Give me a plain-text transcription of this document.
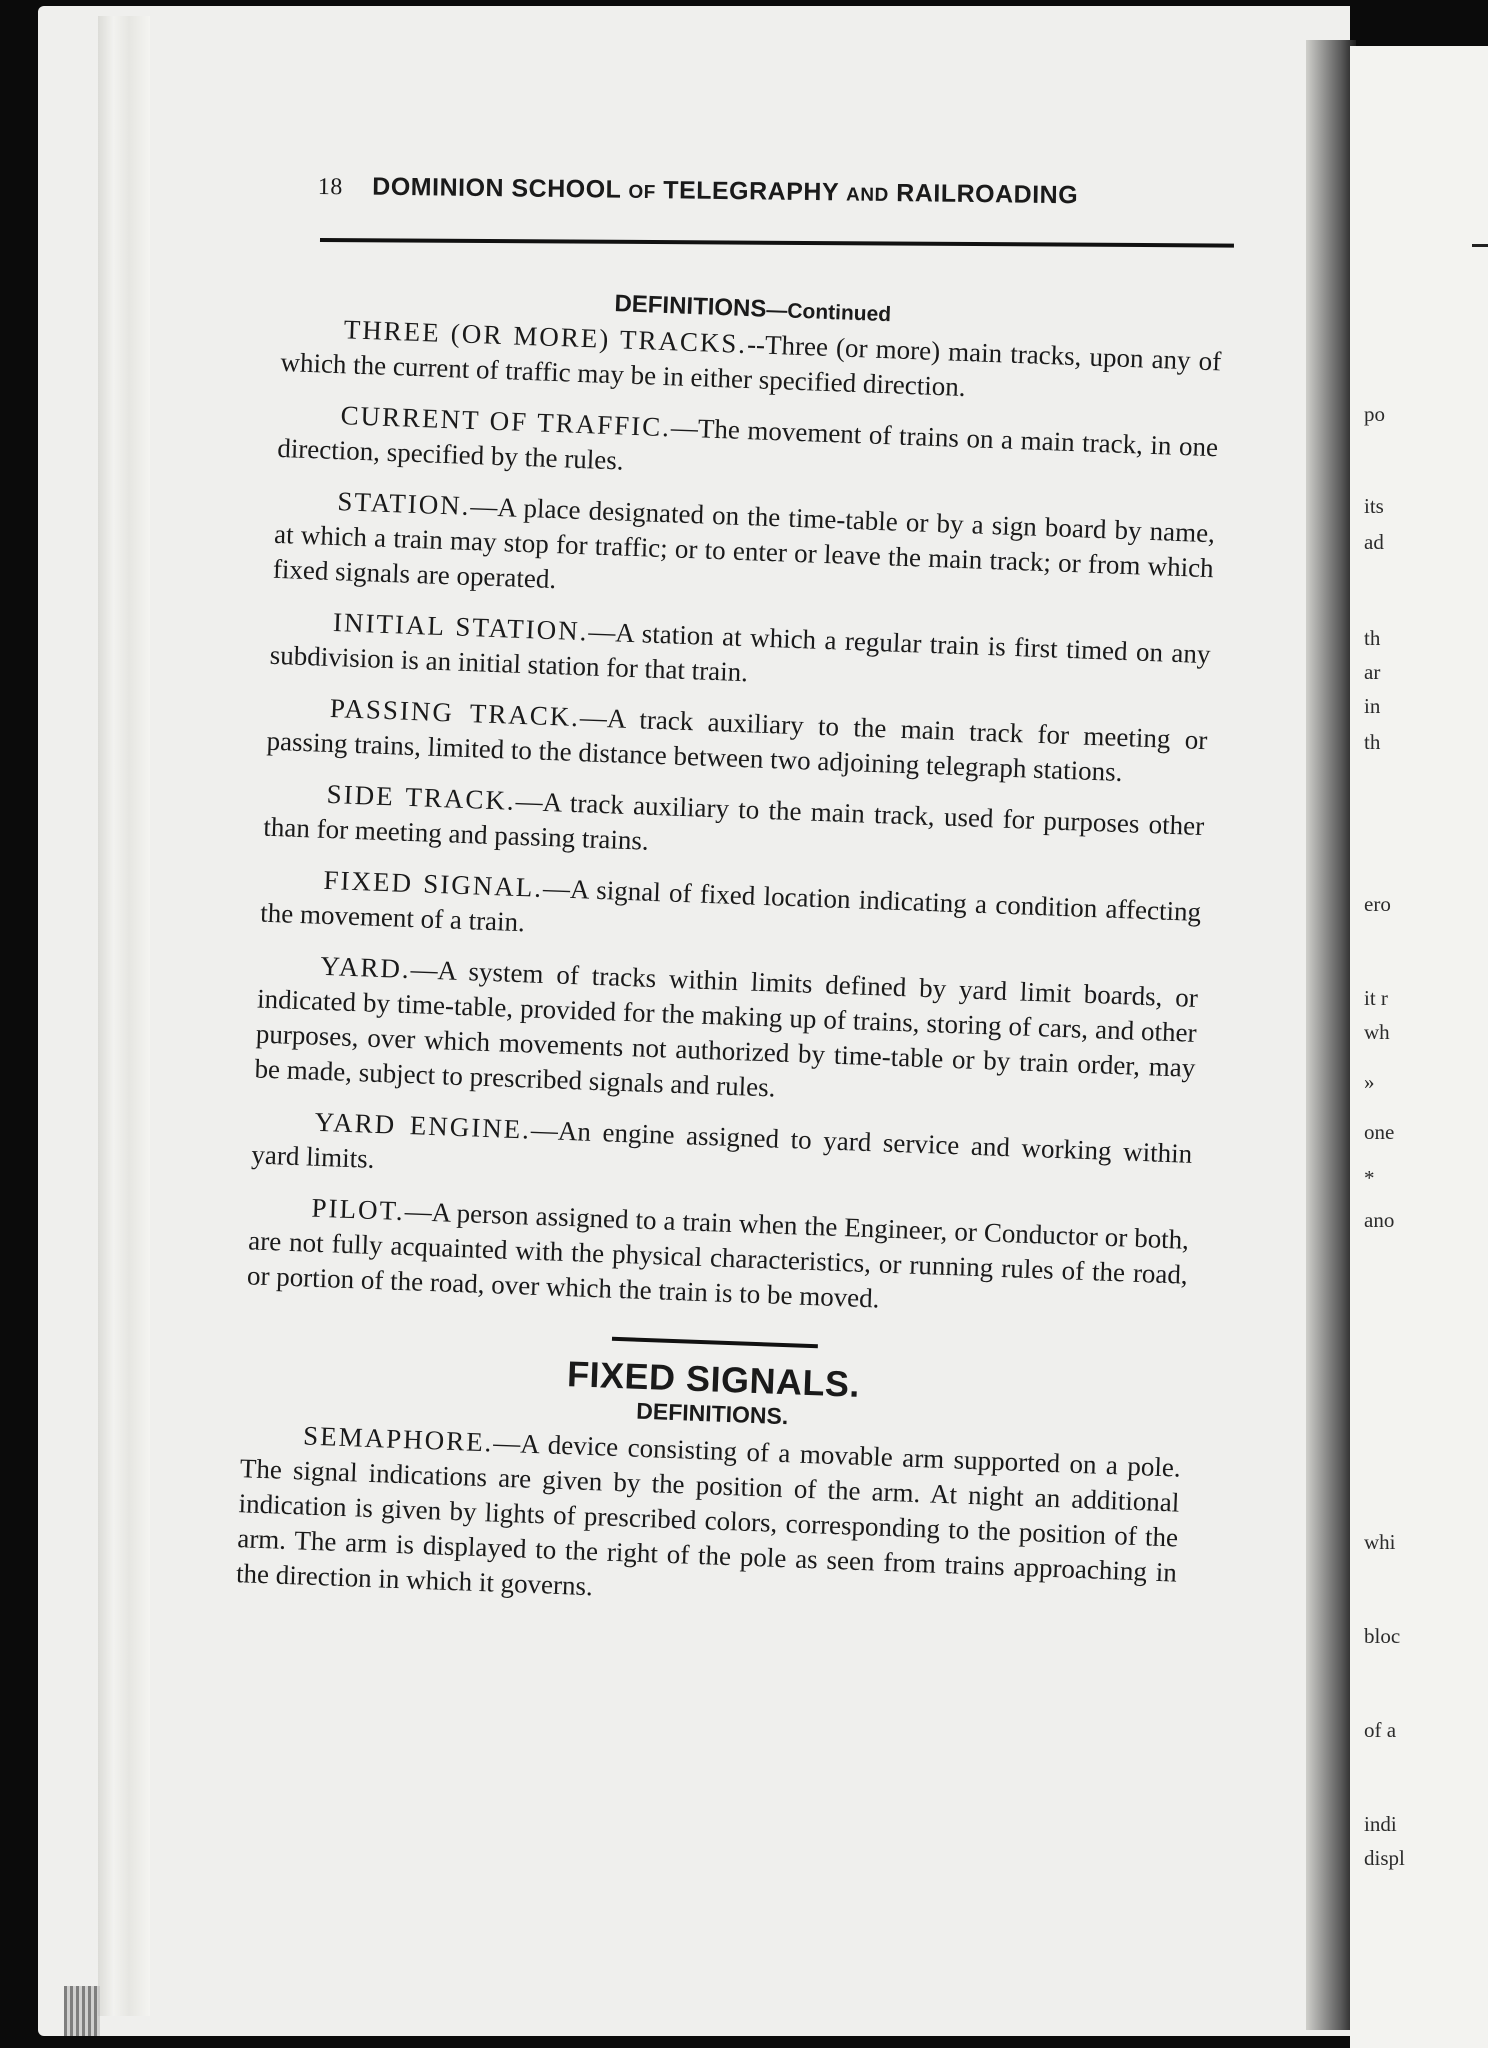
po
its
ad
th
ar
in
th
ero
it r
wh
»
one
*
ano
whi
bloc
of a
indi
displ
18 DOMINION SCHOOL OF TELEGRAPHY AND RAILROADING
DEFINITIONS—Continued

THREE (OR MORE) TRACKS.--Three (or more) main tracks, upon any of which the current of traffic may be in either specified direction.

CURRENT OF TRAFFIC.—The movement of trains on a main track, in one direction, specified by the rules.

STATION.—A place designated on the time-table or by a sign board by name, at which a train may stop for traffic; or to enter or leave the main track; or from which fixed signals are operated.

INITIAL STATION.—A station at which a regular train is first timed on any subdivision is an initial station for that train.

PASSING TRACK.—A track auxiliary to the main track for meeting or passing trains, limited to the distance between two adjoining telegraph stations.

SIDE TRACK.—A track auxiliary to the main track, used for purposes other than for meeting and passing trains.

FIXED SIGNAL.—A signal of fixed location indicating a condition affecting the movement of a train.

YARD.—A system of tracks within limits defined by yard limit boards, or indicated by time-table, provided for the making up of trains, storing of cars, and other purposes, over which movements not authorized by time-table or by train order, may be made, subject to prescribed signals and rules.

YARD ENGINE.—An engine assigned to yard service and working within yard limits.

PILOT.—A person assigned to a train when the Engineer, or Conductor or both, are not fully acquainted with the physical characteristics, or running rules of the road, or portion of the road, over which the train is to be moved.

FIXED SIGNALS.
DEFINITIONS.

SEMAPHORE.—A device consisting of a movable arm supported on a pole. The signal indications are given by the position of the arm. At night an additional indication is given by lights of prescribed colors, corresponding to the position of the arm. The arm is displayed to the right of the pole as seen from trains approaching in the direction in which it governs.
